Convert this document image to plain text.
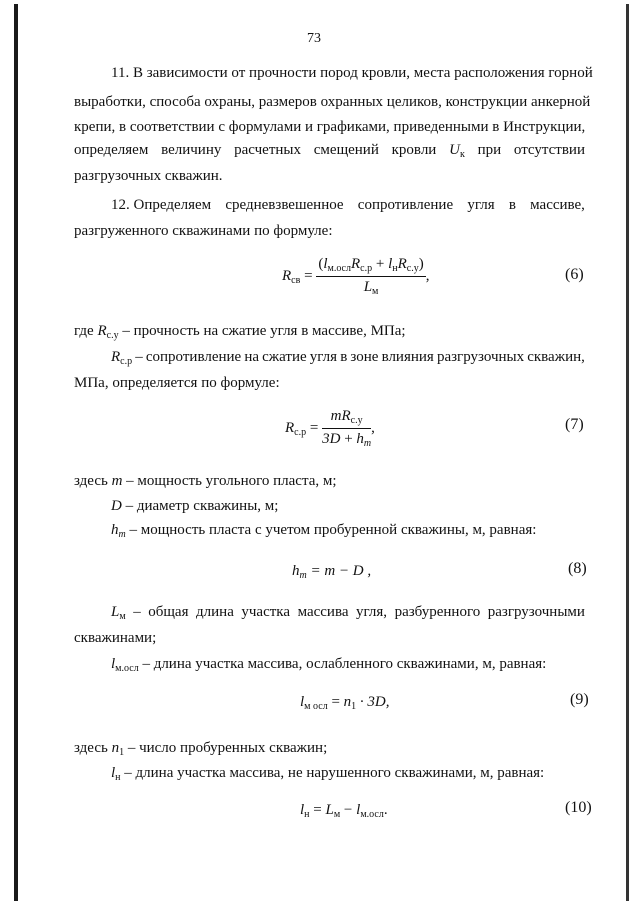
73
11. В зависимости от прочности пород кровли, места расположения горной
выработки, способа охраны, размеров охранных целиков, конструкции анкерной
крепи, в соответствии с формулами и графиками, приведенными в Инструкции,
определяем величину расчетных смещений кровли $U_к$ при отсутствии
разгрузочных скважин.
12. Определяем средневзвешенное сопротивление угля в массиве,
разгруженного скважинами по формуле:
$R_{св} = \frac{(l_{м.осл}R_{с.р} + l_нR_{с.у})}{L_м}$ ,	(6)
где $R_{с.у}$ – прочность на сжатие угля в массиве, МПа;
$R_{с.р}$ – сопротивление на сжатие угля в зоне влияния разгрузочных скважин,
МПа, определяется по формуле:
$R_{с.р} = \frac{mR_{с.у}}{3D + h_m}$ ,	(7)
здесь m – мощность угольного пласта, м;
D – диаметр скважины, м;
$h_m$ – мощность пласта с учетом пробуренной скважины, м, равная:
$h_m = m - D$ ,	(8)
$L_м$ – общая длина участка массива угля, разбуренного разгрузочными
скважинами;
$l_{м.осл}$ – длина участка массива, ослабленного скважинами, м, равная:
$l_{м осл} = n_1 \cdot 3D$,	(9)
здесь $n_1$ – число пробуренных скважин;
$l_н$ – длина участка массива, не нарушенного скважинами, м, равная:
$l_н = L_м - l_{м.осл}$.	(10)
